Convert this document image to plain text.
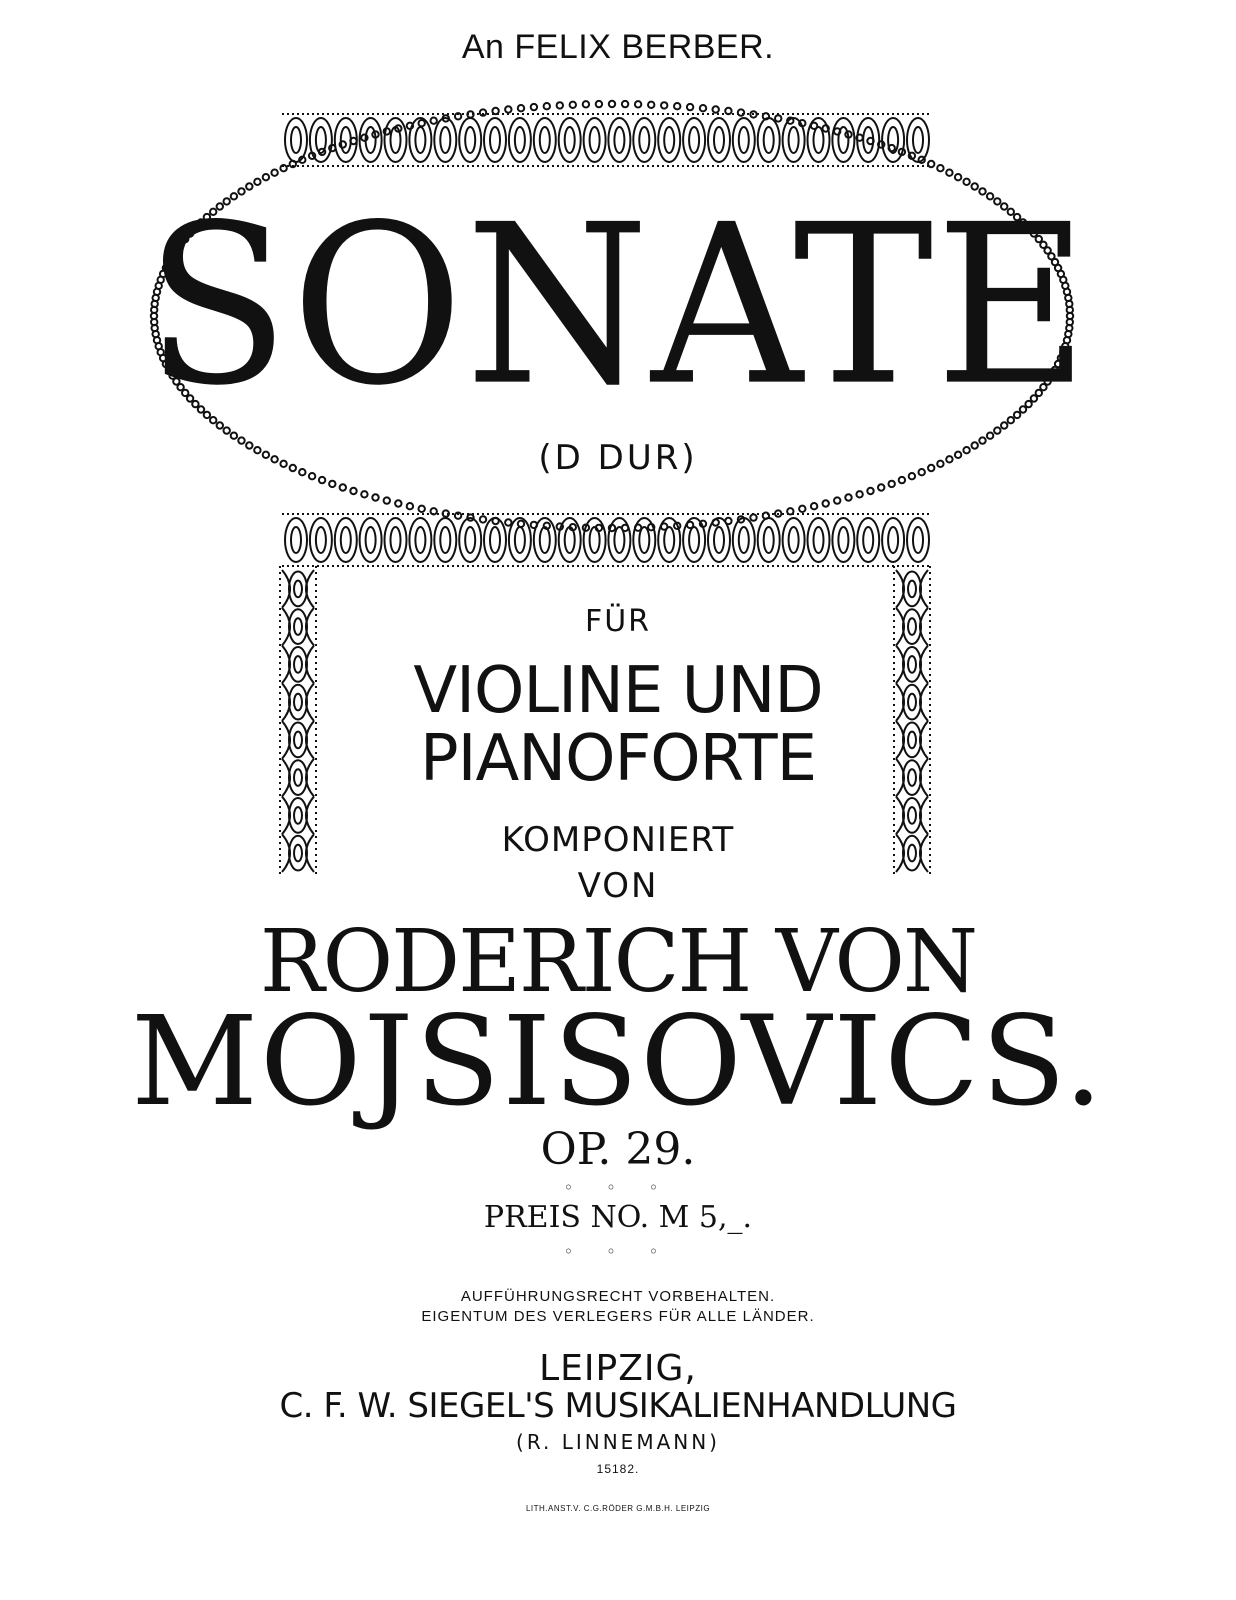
An FELIX BERBER.
SONATE
(D DUR)
FÜR
VIOLINE UND
PIANOFORTE
KOMPONIERT
VON
RODERICH VON
MOJSISOVICS.
OP. 29.
◦ ◦ ◦
PREIS NO. M 5,_.
◦ ◦ ◦
AUFFÜHRUNGSRECHT VORBEHALTEN.
EIGENTUM DES VERLEGERS FÜR ALLE LÄNDER.
LEIPZIG,
C. F. W. SIEGEL'S MUSIKALIENHANDLUNG
(R. LINNEMANN)
15182.
LITH.ANST.V. C.G.RÖDER G.M.B.H. LEIPZIG
